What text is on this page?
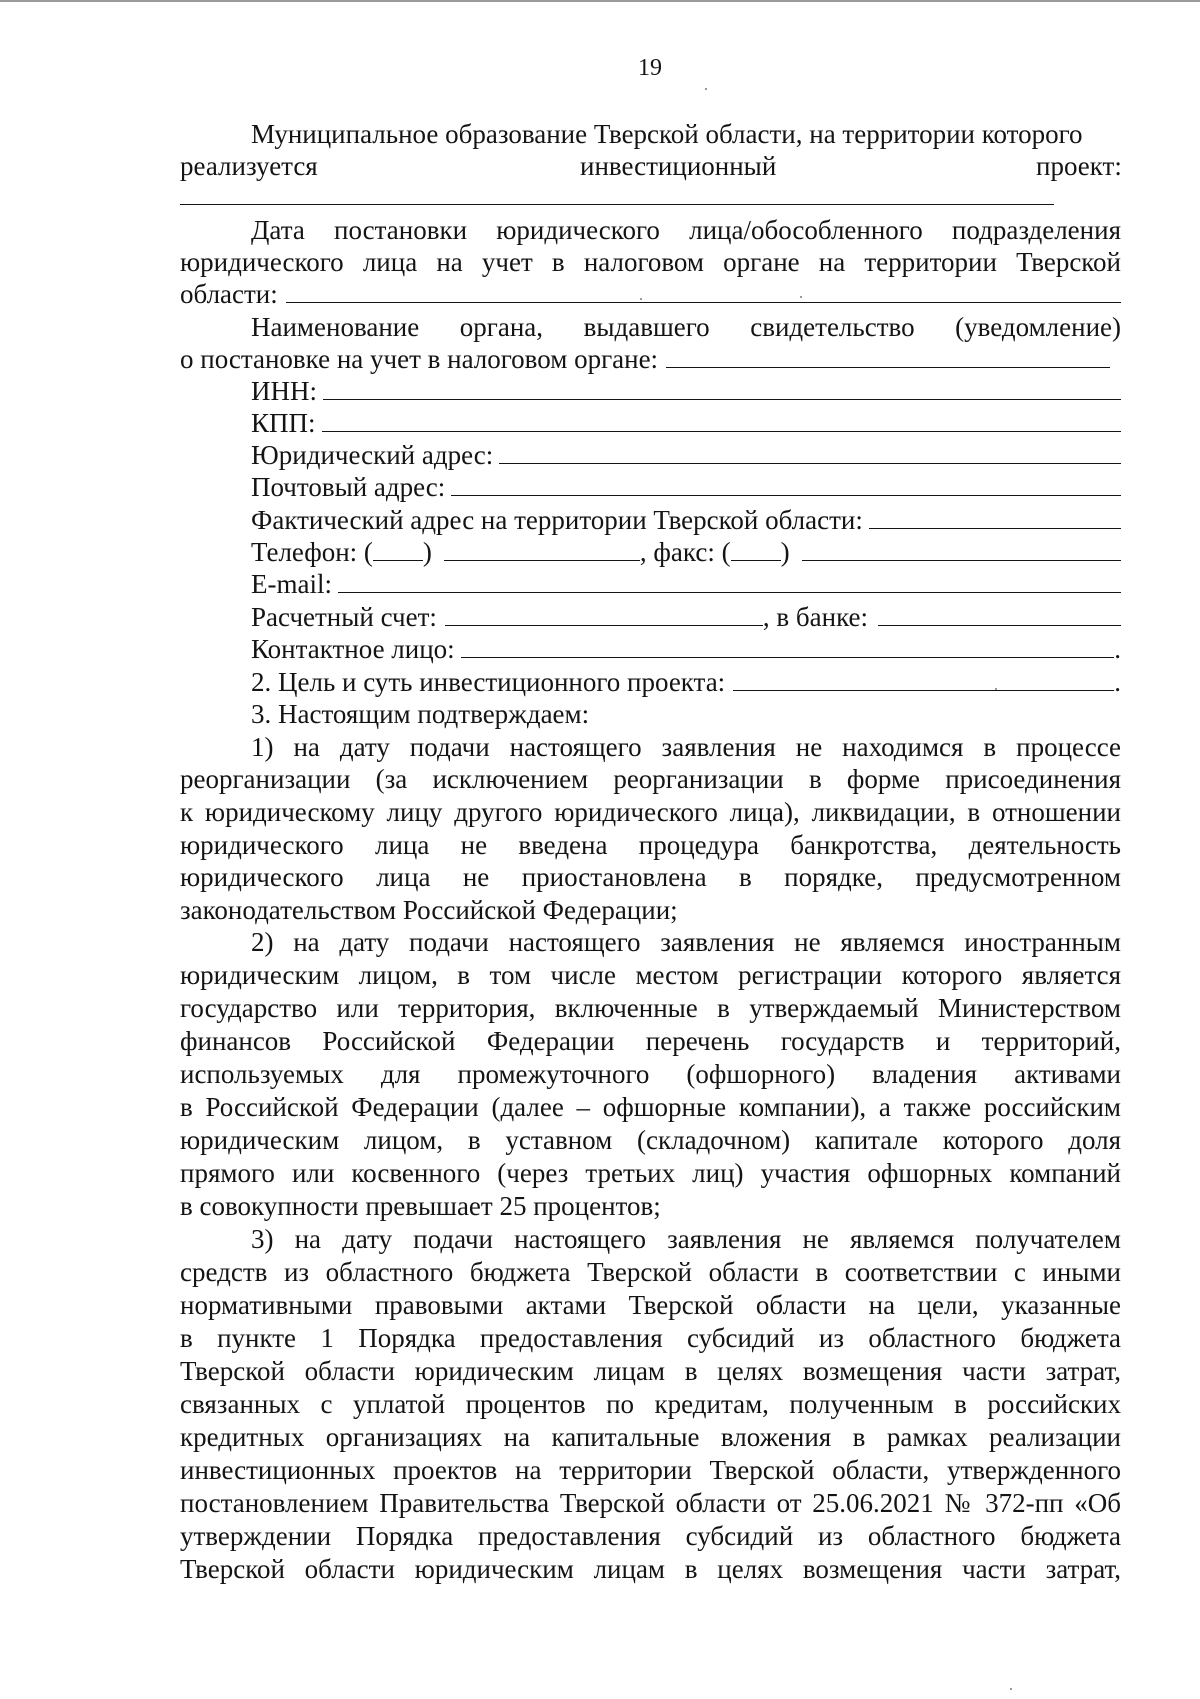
19
Муниципальное образование Тверской области, на территории которого
реализуется	инвестиционный	проект:
Дата постановки юридического лица/обособленного подразделения
юридического лица на учет в налоговом органе на территории Тверской
области:
Наименование органа, выдавшего свидетельство (уведомление)
о постановке на учет в налоговом органе:
ИНН:
КПП:
Юридический адрес:
Почтовый адрес:
Фактический адрес на территории Тверской области:
Телефон: ( )	, факс: ( )
E-mail:
Расчетный счет:	, в банке:
Контактное лицо:	.
2. Цель и суть инвестиционного проекта:	.
3. Настоящим подтверждаем:
1) на дату подачи настоящего заявления не находимся в процессе
реорганизации (за исключением реорганизации в форме присоединения
к юридическому лицу другого юридического лица), ликвидации, в отношении
юридического лица не введена процедура банкротства, деятельность
юридического лица не приостановлена в порядке, предусмотренном
законодательством Российской Федерации;
2) на дату подачи настоящего заявления не являемся иностранным
юридическим лицом, в том числе местом регистрации которого является
государство или территория, включенные в утверждаемый Министерством
финансов Российской Федерации перечень государств и территорий,
используемых для промежуточного (офшорного) владения активами
в Российской Федерации (далее – офшорные компании), а также российским
юридическим лицом, в уставном (складочном) капитале которого доля
прямого или косвенного (через третьих лиц) участия офшорных компаний
в совокупности превышает 25 процентов;
3) на дату подачи настоящего заявления не являемся получателем
средств из областного бюджета Тверской области в соответствии с иными
нормативными правовыми актами Тверской области на цели, указанные
в пункте 1 Порядка предоставления субсидий из областного бюджета
Тверской области юридическим лицам в целях возмещения части затрат,
связанных с уплатой процентов по кредитам, полученным в российских
кредитных организациях на капитальные вложения в рамках реализации
инвестиционных проектов на территории Тверской области, утвержденного
постановлением Правительства Тверской области от 25.06.2021 № 372-пп «Об
утверждении Порядка предоставления субсидий из областного бюджета
Тверской области юридическим лицам в целях возмещения части затрат,
